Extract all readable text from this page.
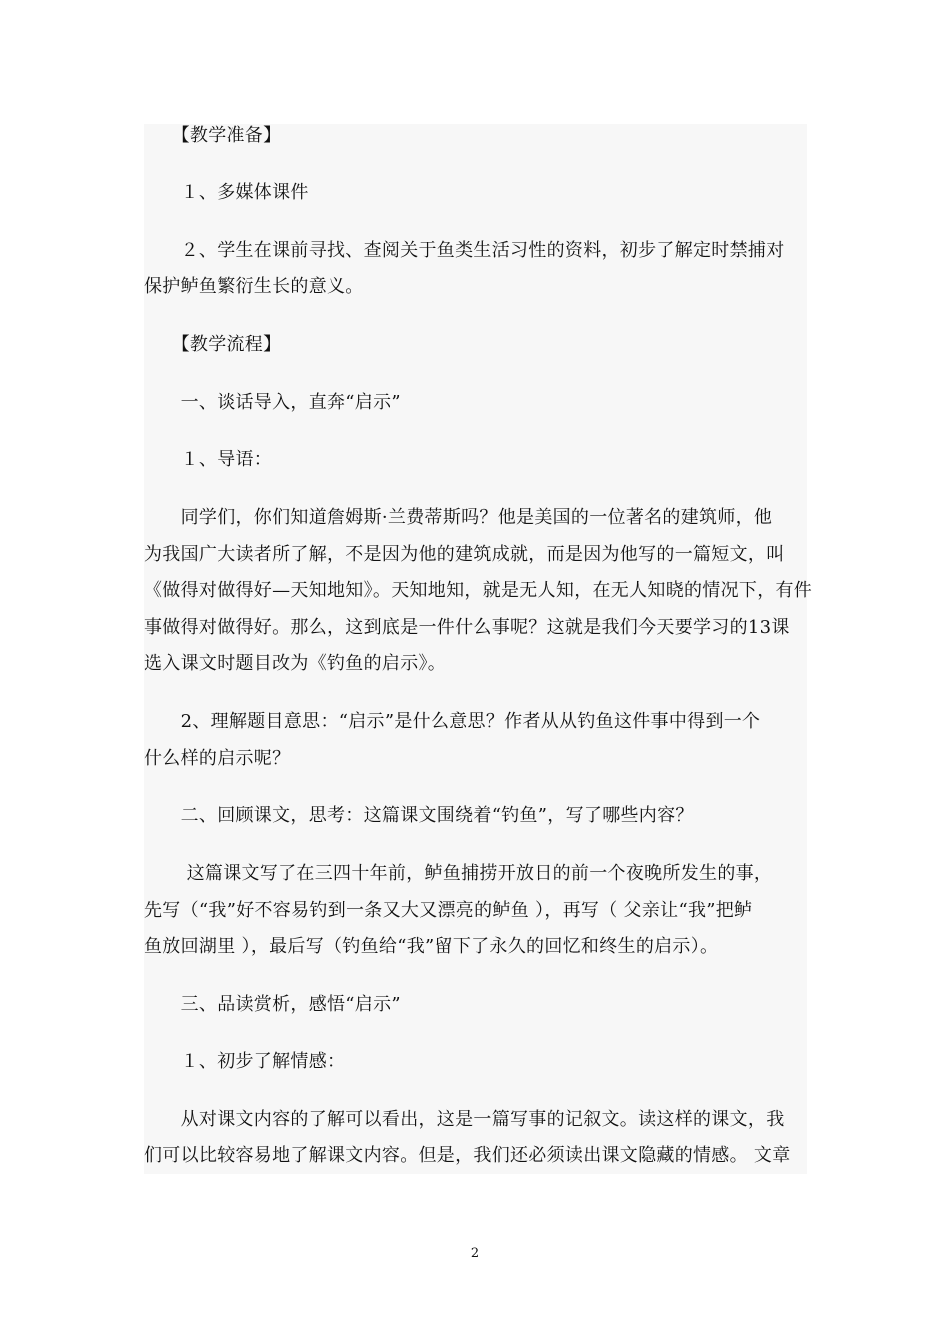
　　【教学准备】
　　１、多媒体课件
　　２、学生在课前寻找、查阅关于鱼类生活习性的资料，初步了解定时禁捕对
保护鲈鱼繁衍生长的意义。
　　【教学流程】
　　一、谈话导入，直奔“启示”
　　１、导语：
　　同学们，你们知道詹姆斯·兰费蒂斯吗？他是美国的一位著名的建筑师，他
为我国广大读者所了解，不是因为他的建筑成就，而是因为他写的一篇短文，叫
《做得对做得好—天知地知》。天知地知，就是无人知，在无人知晓的情况下，有件
事做得对做得好。那么，这到底是一件什么事呢？这就是我们今天要学习的13课
选入课文时题目改为《钓鱼的启示》。
　　2、理解题目意思：“启示”是什么意思？作者从从钓鱼这件事中得到一个
什么样的启示呢？
　　二、回顾课文，思考：这篇课文围绕着“钓鱼”，写了哪些内容？
　　 这篇课文写了在三四十年前，鲈鱼捕捞开放日的前一个夜晚所发生的事，
先写（“我”好不容易钓到一条又大又漂亮的鲈鱼 ），再写（ 父亲让“我”把鲈
鱼放回湖里 ），最后写（钓鱼给“我”留下了永久的回忆和终生的启示）。
　　三、品读赏析，感悟“启示”
　　１、初步了解情感：
　　从对课文内容的了解可以看出，这是一篇写事的记叙文。读这样的课文，我
们可以比较容易地了解课文内容。但是，我们还必须读出课文隐藏的情感。 文章
2
